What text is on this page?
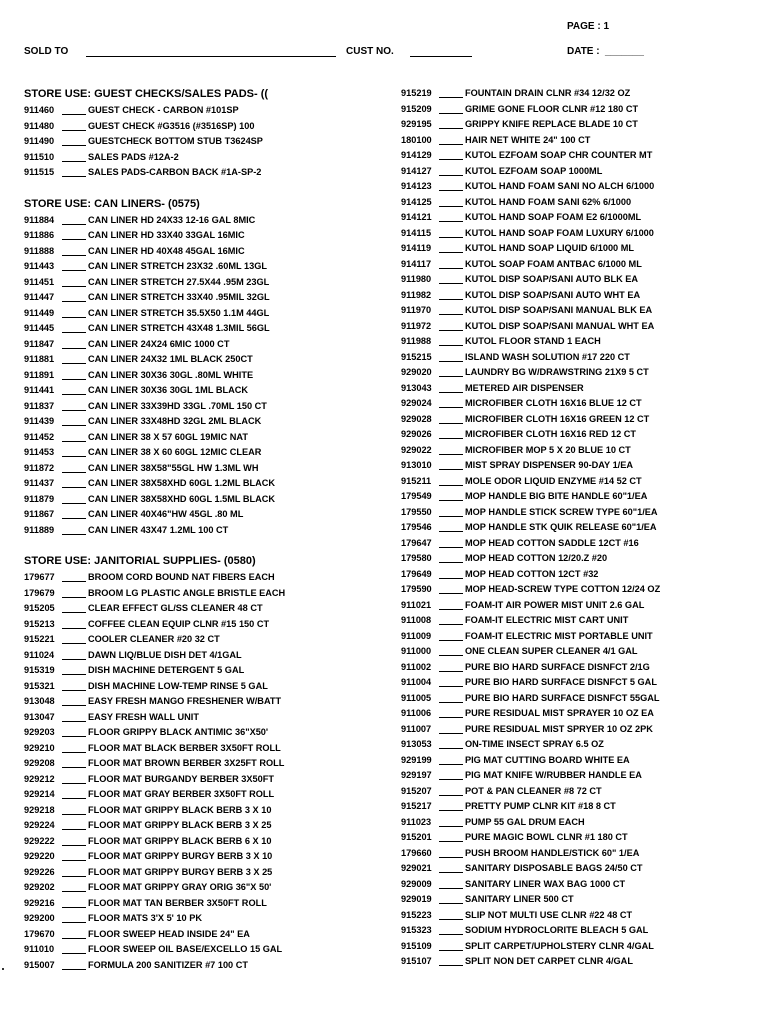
PAGE : 1
SOLD TO	CUST NO.	DATE : _______
STORE USE: GUEST CHECKS/SALES PADS- ((
911460	GUEST CHECK - CARBON #101SP
911480	GUEST CHECK #G3516 (#3516SP) 100
911490	GUESTCHECK BOTTOM STUB T3624SP
911510	SALES PADS #12A-2
911515	SALES PADS-CARBON BACK #1A-SP-2
STORE USE: CAN LINERS- (0575)
911884	CAN LINER HD 24X33 12-16 GAL 8MIC
911886	CAN LINER HD 33X40 33GAL 16MIC
911888	CAN LINER HD 40X48 45GAL 16MIC
911443	CAN LINER STRETCH 23X32 .60ML 13GL
911451	CAN LINER STRETCH 27.5X44 .95M 23GL
911447	CAN LINER STRETCH 33X40 .95MIL 32GL
911449	CAN LINER STRETCH 35.5X50 1.1M 44GL
911445	CAN LINER STRETCH 43X48 1.3MIL 56GL
911847	CAN LINER 24X24 6MIC 1000 CT
911881	CAN LINER 24X32 1ML BLACK 250CT
911891	CAN LINER 30X36 30GL .80ML WHITE
911441	CAN LINER 30X36 30GL 1ML BLACK
911837	CAN LINER 33X39HD 33GL .70ML 150 CT
911439	CAN LINER 33X48HD 32GL 2ML BLACK
911452	CAN LINER 38 X 57 60GL 19MIC NAT
911453	CAN LINER 38 X 60 60GL 12MIC CLEAR
911872	CAN LINER 38X58"55GL HW 1.3ML WH
911437	CAN LINER 38X58XHD 60GL 1.2ML BLACK
911879	CAN LINER 38X58XHD 60GL 1.5ML BLACK
911867	CAN LINER 40X46"HW 45GL .80 ML
911889	CAN LINER 43X47 1.2ML 100 CT
STORE USE: JANITORIAL SUPPLIES- (0580)
179677	BROOM CORD BOUND NAT FIBERS EACH
179679	BROOM LG PLASTIC ANGLE BRISTLE EACH
915205	CLEAR EFFECT GL/SS CLEANER 48 CT
915213	COFFEE CLEAN EQUIP CLNR #15 150 CT
915221	COOLER CLEANER #20 32 CT
911024	DAWN LIQ/BLUE DISH DET 4/1GAL
915319	DISH MACHINE DETERGENT 5 GAL
915321	DISH MACHINE LOW-TEMP RINSE 5 GAL
913048	EASY FRESH MANGO FRESHENER W/BATT
913047	EASY FRESH WALL UNIT
929203	FLOOR GRIPPY BLACK ANTIMIC 36"X50'
929210	FLOOR MAT BLACK BERBER 3X50FT ROLL
929208	FLOOR MAT BROWN BERBER 3X25FT ROLL
929212	FLOOR MAT BURGANDY BERBER 3X50FT
929214	FLOOR MAT GRAY BERBER 3X50FT ROLL
929218	FLOOR MAT GRIPPY BLACK BERB 3 X 10
929224	FLOOR MAT GRIPPY BLACK BERB 3 X 25
929222	FLOOR MAT GRIPPY BLACK BERB 6 X 10
929220	FLOOR MAT GRIPPY BURGY BERB 3 X 10
929226	FLOOR MAT GRIPPY BURGY BERB 3 X 25
929202	FLOOR MAT GRIPPY GRAY ORIG 36"X 50'
929216	FLOOR MAT TAN BERBER 3X50FT ROLL
929200	FLOOR MATS 3'X 5' 10 PK
179670	FLOOR SWEEP HEAD INSIDE 24" EA
911010	FLOOR SWEEP OIL BASE/EXCELLO 15 GAL
915007	FORMULA 200 SANITIZER #7 100 CT
915219	FOUNTAIN DRAIN CLNR #34 12/32 OZ
915209	GRIME GONE FLOOR CLNR #12 180 CT
929195	GRIPPY KNIFE REPLACE BLADE 10 CT
180100	HAIR NET WHITE 24" 100 CT
914129	KUTOL EZFOAM SOAP CHR COUNTER MT
914127	KUTOL EZFOAM SOAP 1000ML
914123	KUTOL HAND FOAM SANI NO ALCH 6/1000
914125	KUTOL HAND FOAM SANI 62% 6/1000
914121	KUTOL HAND SOAP FOAM E2 6/1000ML
914115	KUTOL HAND SOAP FOAM LUXURY 6/1000
914119	KUTOL HAND SOAP LIQUID 6/1000 ML
914117	KUTOL SOAP FOAM ANTBAC 6/1000 ML
911980	KUTOL DISP SOAP/SANI AUTO BLK EA
911982	KUTOL DISP SOAP/SANI AUTO WHT EA
911970	KUTOL DISP SOAP/SANI MANUAL BLK EA
911972	KUTOL DISP SOAP/SANI MANUAL WHT EA
911988	KUTOL FLOOR STAND 1 EACH
915215	ISLAND WASH SOLUTION #17 220 CT
929020	LAUNDRY BG W/DRAWSTRING 21X9 5 CT
913043	METERED AIR DISPENSER
929024	MICROFIBER CLOTH 16X16 BLUE 12 CT
929028	MICROFIBER CLOTH 16X16 GREEN 12 CT
929026	MICROFIBER CLOTH 16X16 RED 12 CT
929022	MICROFIBER MOP 5 X 20 BLUE 10 CT
913010	MIST SPRAY DISPENSER 90-DAY 1/EA
915211	MOLE ODOR LIQUID ENZYME #14 52 CT
179549	MOP HANDLE BIG BITE HANDLE 60"1/EA
179550	MOP HANDLE STICK SCREW TYPE 60"1/EA
179546	MOP HANDLE STK QUIK RELEASE 60"1/EA
179647	MOP HEAD COTTON SADDLE 12CT #16
179580	MOP HEAD COTTON 12/20.Z #20
179649	MOP HEAD COTTON 12CT #32
179590	MOP HEAD-SCREW TYPE COTTON 12/24 OZ
911021	FOAM-IT AIR POWER MIST UNIT 2.6 GAL
911008	FOAM-IT ELECTRIC MIST CART UNIT
911009	FOAM-IT ELECTRIC MIST PORTABLE UNIT
911000	ONE CLEAN SUPER CLEANER 4/1 GAL
911002	PURE BIO HARD SURFACE DISNFCT 2/1G
911004	PURE BIO HARD SURFACE DISNFCT 5 GAL
911005	PURE BIO HARD SURFACE DISNFCT 55GAL
911006	PURE RESIDUAL MIST SPRAYER 10 OZ EA
911007	PURE RESIDUAL MIST SPRYER 10 OZ 2PK
913053	ON-TIME INSECT SPRAY 6.5 OZ
929199	PIG MAT CUTTING BOARD WHITE EA
929197	PIG MAT KNIFE W/RUBBER HANDLE EA
915207	POT & PAN CLEANER #8 72 CT
915217	PRETTY PUMP CLNR KIT #18 8 CT
911023	PUMP 55 GAL DRUM EACH
915201	PURE MAGIC BOWL CLNR #1 180 CT
179660	PUSH BROOM HANDLE/STICK 60" 1/EA
929021	SANITARY DISPOSABLE BAGS 24/50 CT
929009	SANITARY LINER WAX BAG 1000 CT
929019	SANITARY LINER 500 CT
915223	SLIP NOT MULTI USE CLNR #22 48 CT
915323	SODIUM HYDROCLORITE BLEACH 5 GAL
915109	SPLIT CARPET/UPHOLSTERY CLNR 4/GAL
915107	SPLIT NON DET CARPET CLNR 4/GAL
